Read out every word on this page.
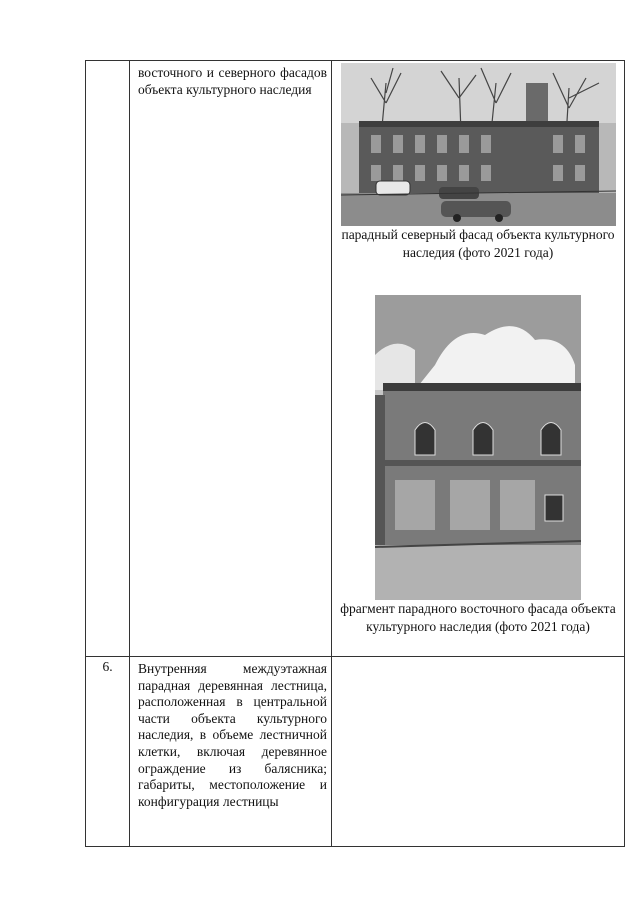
	восточного и северного фасадов объекта культурного наследия	парадный северный фасад объекта культурного наследия (фото 2021 года)
фрагмент парадного восточного фасада объекта культурного наследия (фото 2021 года)

6.	Внутренняя междуэтажная парадная деревянная лестница, расположенная в центральной части объекта культурного наследия, в объеме лестничной клетки, включая деревянное ограждение из балясника; габариты, местоположение и конфигурация лестницы	
